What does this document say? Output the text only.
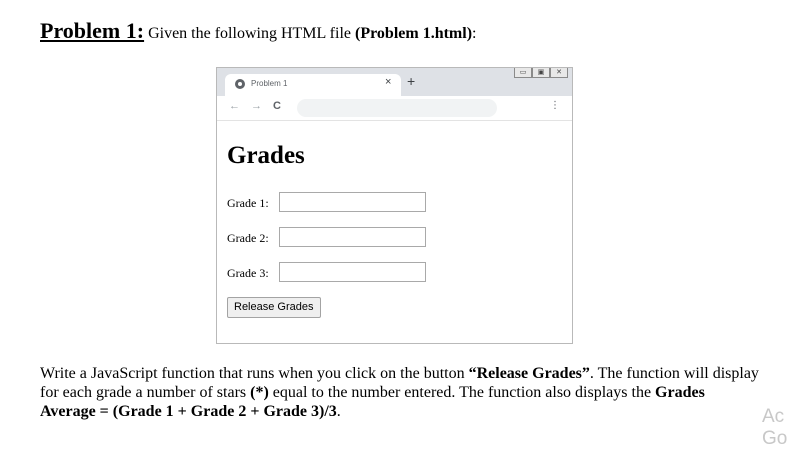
Problem 1: Given the following HTML file (Problem 1.html):
Problem 1	× +
▭	▣	✕
← → C	⋮
Grades
Grade 1:
Grade 2:
Grade 3:
Release Grades
Write a JavaScript function that runs when you click on the button “Release Grades”. The function will display for each grade a number of stars (*) equal to the number entered. The function also displays the Grades Average = (Grade 1 + Grade 2 + Grade 3)/3.	Ac
Go
